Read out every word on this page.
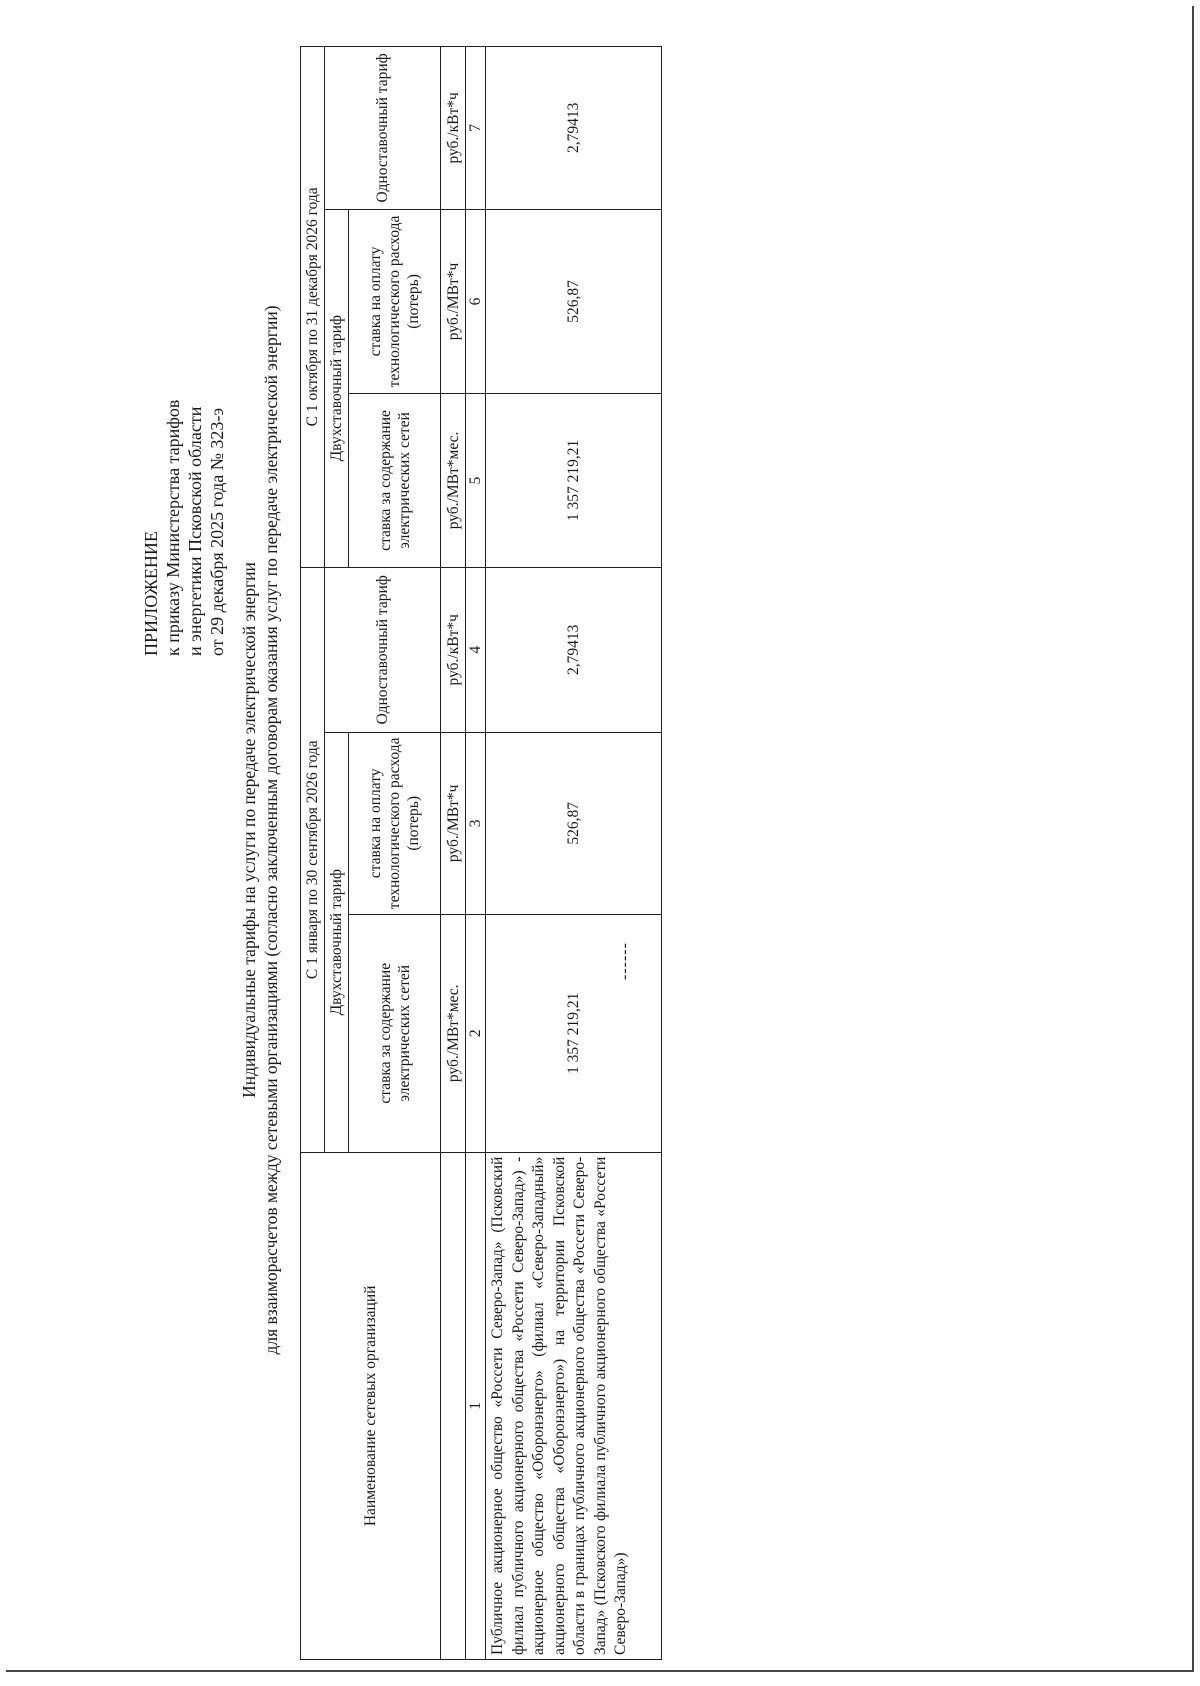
ПРИЛОЖЕНИЕ к приказу Министерства тарифов и энергетики Псковской области от 29 декабря 2025 года № 323-э
Индивидуальные тарифы на услуги по передаче электрической энергии для взаиморасчетов между сетевыми организациями (согласно заключенным договорам оказания услуг по передаче электрической энергии)
Наименование сетевых организаций	С 1 января по 30 сентября 2026 года			С 1 октября по 31 декабря 2026 года		
	Двухставочный тариф		Одноставочный тариф	Двухставочный тариф		Одноставочный тариф
	ставка за содержание электрических сетей	ставка на оплату технологического расхода (потерь)		ставка за содержание электрических сетей	ставка на оплату технологического расхода (потерь)	
	руб./МВт*мес.	руб./МВт*ч	руб./кВт*ч	руб./МВт*мес.	руб./МВт*ч	руб./кВт*ч
1	2	3	4	5	6	7
Публичное акционерное общество «Россети Северо-Запад» (Псковский филиал публичного акционерного общества «Россети Северо-Запад») - акционерное общество «Оборонэнерго» (филиал «Северо-Западный» акционерного общества «Оборонэнерго») на территории Псковской области в границах публичного акционерного общества «Россети Северо-Запад» (Псковского филиала публичного акционерного общества «Россети Северо-Запад»)	1 357 219,21	526,87	2,79413	1 357 219,21	526,87	2,79413
------
